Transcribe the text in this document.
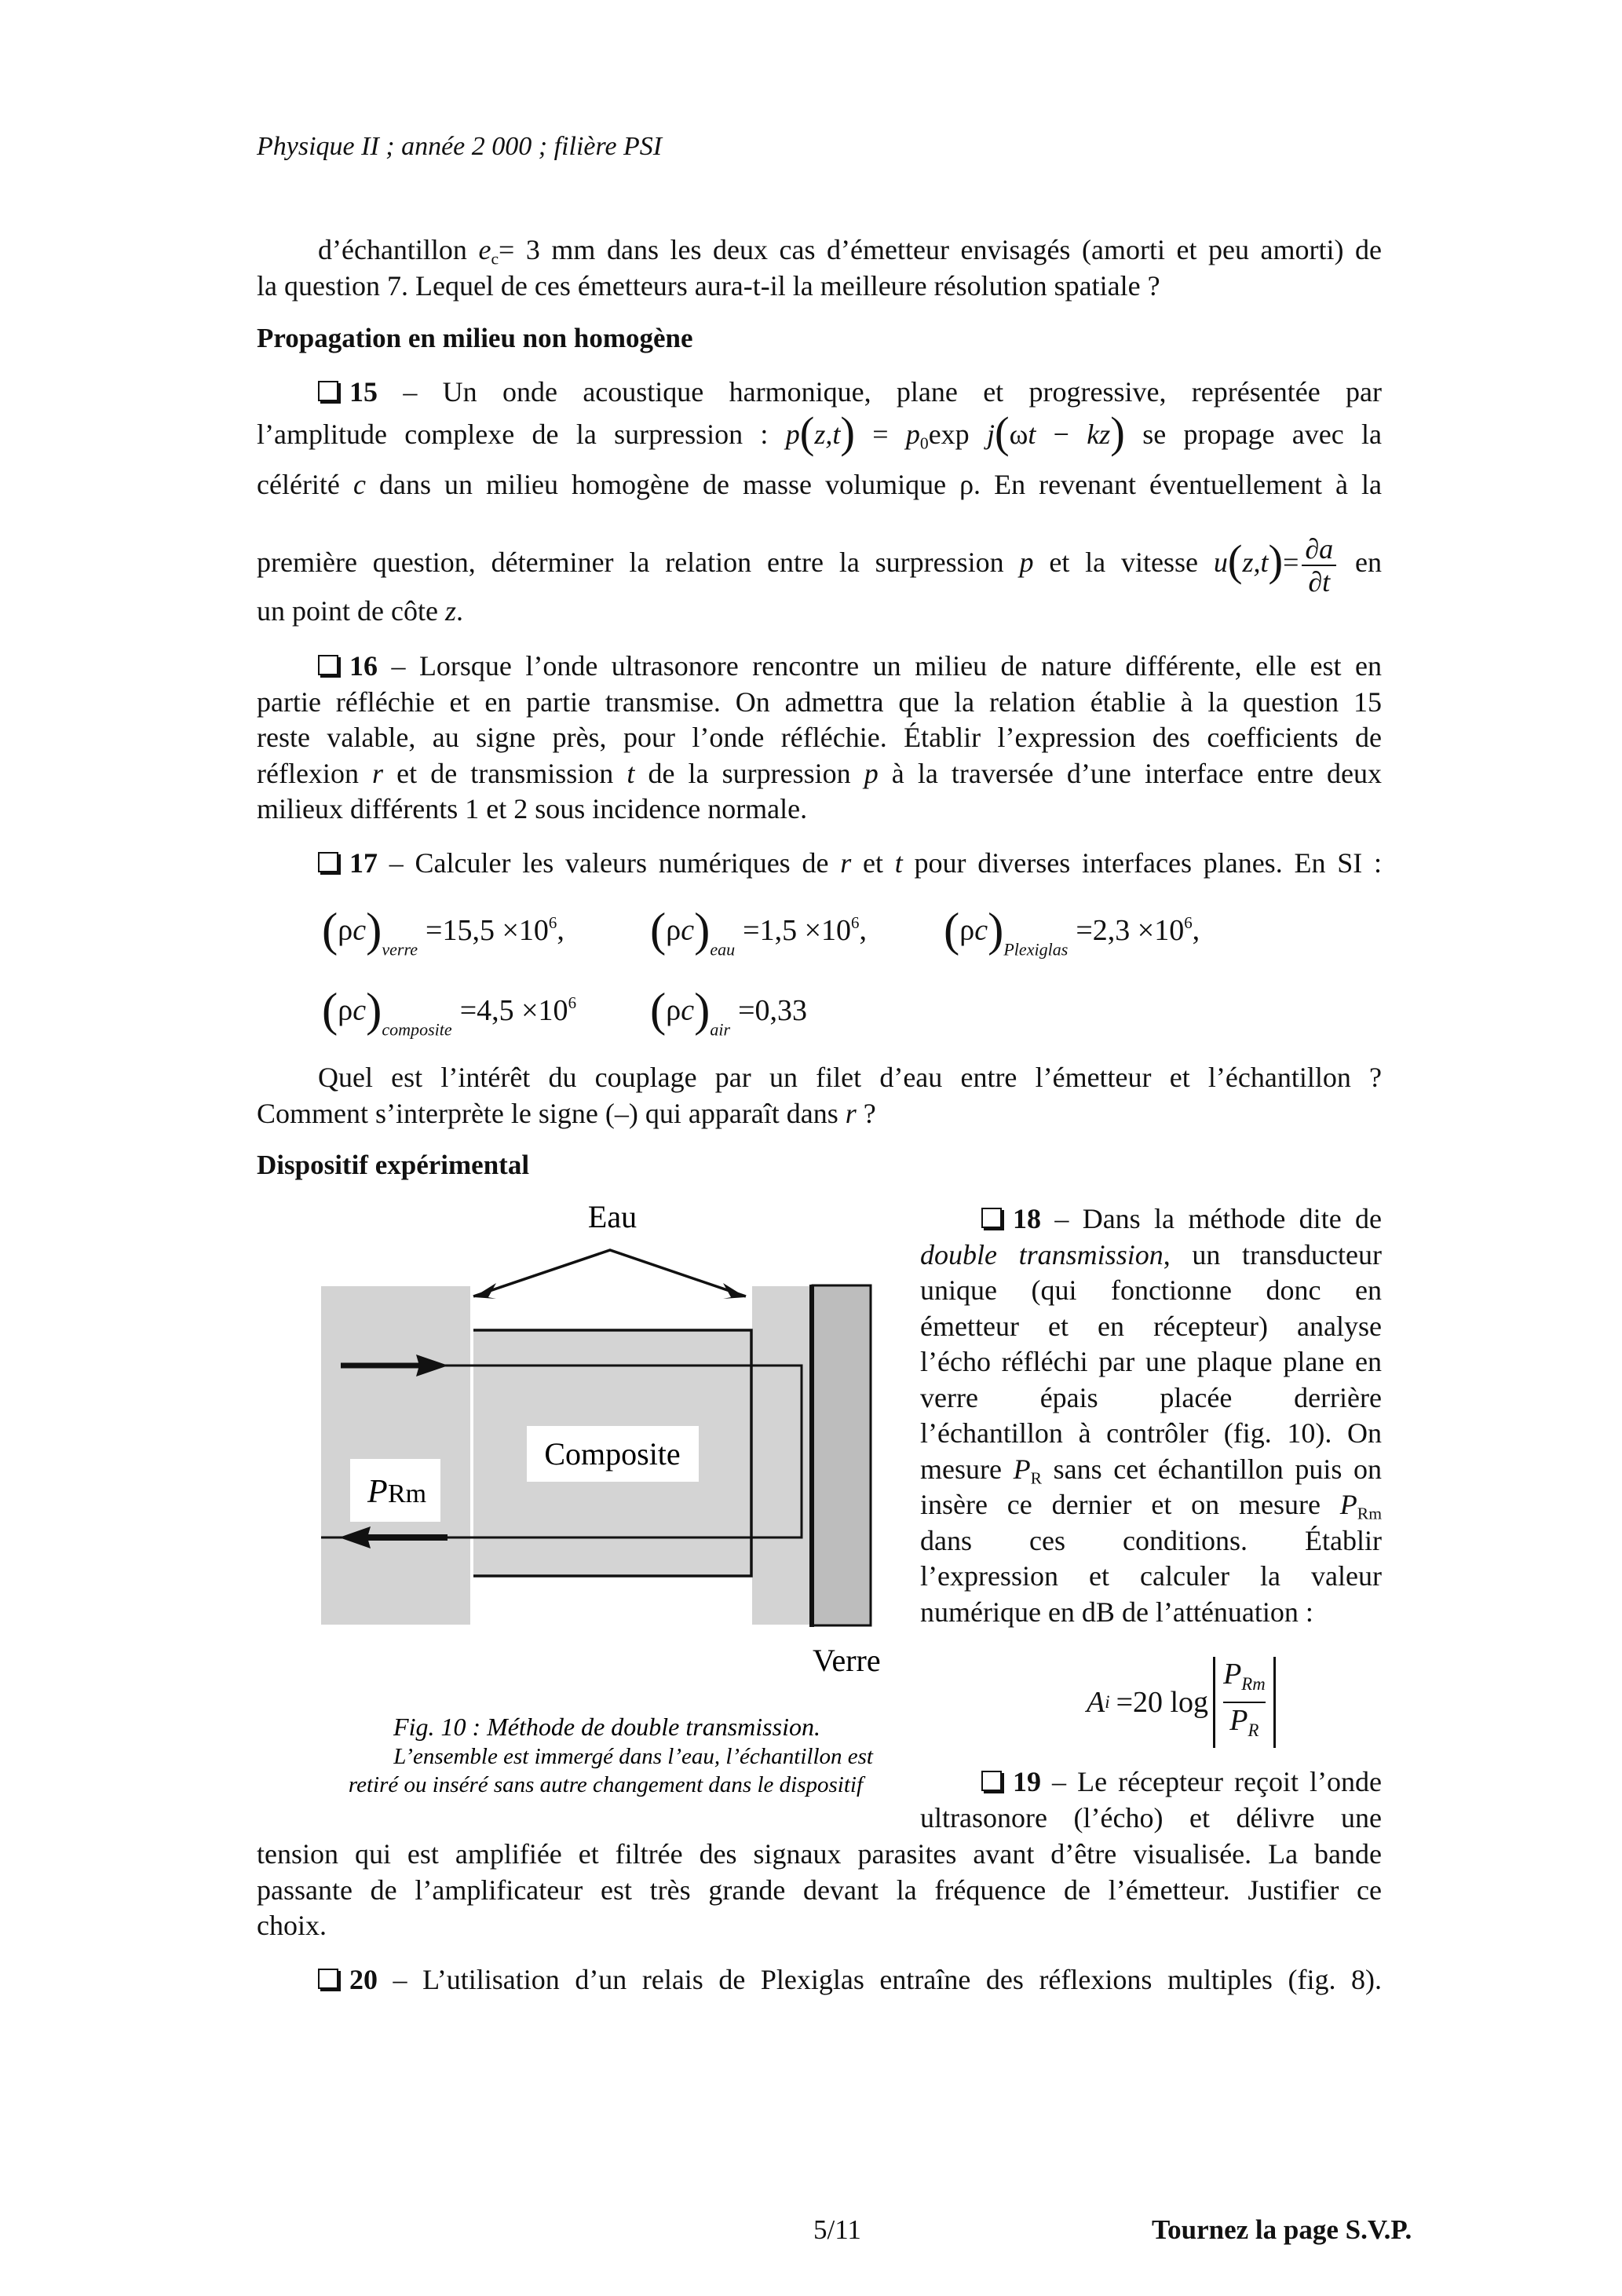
Physique II ; année 2 000 ; filière PSI
d’échantillon $e_c= 3$ mm dans les deux cas d’émetteur envisagés (amorti et peu amorti) de
la question 7. Lequel de ces émetteurs aura-t-il la meilleure résolution spatiale ?
Propagation en milieu non homogène
15 – Un onde acoustique harmonique, plane et progressive, représentée par
l’amplitude complexe de la surpression : $p(z,t) = p_0\exp$ j(ωt − kz) se propage avec la
célérité c dans un milieu homogène de masse volumique ρ. En revenant éventuellement à la
première question, déterminer la relation entre la surpression p et la vitesse $u(z,t)= \frac{\partial a}{\partial t}$ en
un point de côte z.
16 – Lorsque l’onde ultrasonore rencontre un milieu de nature différente, elle est en
partie réfléchie et en partie transmise. On admettra que la relation établie à la question 15
reste valable, au signe près, pour l’onde réfléchie. Établir l’expression des coefficients de
réflexion r et de transmission t de la surpression p à la traversée d’une interface entre deux
milieux différents 1 et 2 sous incidence normale.
17 – Calculer les valeurs numériques de r et t pour diverses interfaces planes. En SI :
$(\rho c)_{verre}=15,5 \times 10^6$, $(\rho c)_{eau}=1,5 \times 10^6$, $(\rho c)_{Plexiglas}=2,3 \times 10^6$,
$(\rho c)_{composite}=4,5 \times 10^6$ $(\rho c)_{air}=0,33$
Quel est l’intérêt du couplage par un filet d’eau entre l’émetteur et l’échantillon ?
Comment s’interprète le signe (–) qui apparaît dans r ?
Dispositif expérimental
Eau
Composite
P Rm
Verre
Fig. 10 : Méthode de double transmission.
L’ensemble est immergé dans l’eau, l’échantillon est
retiré ou inséré sans autre changement dans le dispositif
18 – Dans la méthode dite de
double transmission, un transducteur
unique (qui fonctionne donc en
émetteur et en récepteur) analyse
l’écho réfléchi par une plaque plane en
verre épais placée derrière
l’échantillon à contrôler (fig. 10). On
mesure $P_R$ sans cet échantillon puis on
insère ce dernier et on mesure $P_{Rm}$
dans ces conditions. Établir
l’expression et calculer la valeur
numérique en dB de l’atténuation :
A i =20 log
$P_{Rm}$
$P_R$
19 – Le récepteur reçoit l’onde
ultrasonore (l’écho) et délivre une
tension qui est amplifiée et filtrée des signaux parasites avant d’être visualisée. La bande
passante de l’amplificateur est très grande devant la fréquence de l’émetteur. Justifier ce
choix.
20 – L’utilisation d’un relais de Plexiglas entraîne des réflexions multiples (fig. 8).
5/11	Tournez la page S.V.P.
